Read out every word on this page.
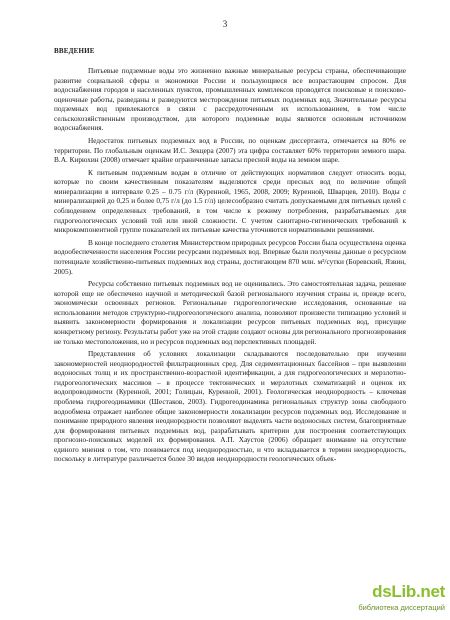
3
ВВЕДЕНИЕ

Питьевые подземные воды это жизненно важные минеральные ресурсы страны, обеспечивающие развитие социальной сферы и экономики России и пользующиеся все возрастающим спросом. Для водоснабжения городов и населенных пунктов, промышленных комплексов проводятся поисковые и поисково-оценочные работы, разведаны и разведуются месторождения питьевых подземных вод. Значительные ресурсы подземных вод привлекаются в связи с рассредоточенным их использованием, в том числе сельскохозяйственным производством, для которого подземные воды являются основным источником водоснабжения.

Недостаток питьевых подземных вод в России, по оценкам диссертанта, отмечается на 80% ее территории. По глобальным оценкам И.С. Зекцера (2007) эта цифра составляет 60% территории земного шара. В.А. Кирюхин (2008) отмечает крайне ограниченные запасы пресной воды на земном шаре.

К питьевым подземным водам в отличие от действующих нормативов следует относить воды, которые по своим качественным показателям выделяются среди пресных вод по величине общей минерализации в интервале 0.25 – 0.75 г/л (Куренной, 1965, 2008, 2009; Куренной, Шварцев, 2010). Воды с минерализацией до 0,25 и более 0,75 г/л (до 1.5 г/л) целесообразно считать допускаемыми для питьевых целей с соблюдением определенных требований, в том числе к режиму потребления, разрабатываемых для гидрогеологических условий той или иной сложности. С учетом санитарно-гигиенических требований к микрокомпонентной группе показателей их питьевые качества уточняются нормативными решениями.

В конце последнего столетия Министерством природных ресурсов России была осуществлена оценка водообеспеченности населения России ресурсами подземных вод. Впервые были получены данные о ресурсном потенциале хозяйственно-питьевых подземных вод страны, достигающем 870 млн. м³/сутки (Боревский, Язвин, 2005).

Ресурсы собственно питьевых подземных вод не оценивались. Это самостоятельная задача, решение которой еще не обеспечено научной и методической базой регионального изучения страны и, прежде всего, экономически освоенных регионов. Региональные гидрогеологические исследования, основанные на использовании методов структурно-гидрогеологического анализа, позволяют произвести типизацию условий и выявить закономерности формирования и локализации ресурсов питьевых подземных вод, присущие конкретному региону. Результаты работ уже на этой стадии создают основы для регионального прогнозирования не только местоположения, но и ресурсов подземных вод перспективных площадей.

Представления об условиях локализации складываются последовательно при изучении закономерностей неоднородностей фильтрационных сред. Для седиментационных бассейнов – при выявлении водоносных толщ и их пространственно-возрастной идентификации, а для гидрогеологических и мерзлотно-гидрогеологических массивов – в процессе тектонических и мерзлотных схематизаций и оценок их водопроводимости (Куренной, 2001; Голицын, Куренной, 2001). Геологическая неоднородность – ключевая проблема гидрогеодинамики (Шестаков, 2003). Гидрогеодинамика региональных структур зоны свободного водообмена отражает наиболее общие закономерности локализации ресурсов подземных вод. Исследование и понимание природного явления неоднородности позволяют выделять части водоносных систем, благоприятные для формирования питьевых подземных вод, разрабатывать критерии для построения соответствующих прогнозно-поисковых моделей их формирования. А.П. Хаустов (2006) обращает внимание на отсутствие единого мнения о том, что понимается под неоднородностью, и что вкладывается в термин неоднородность, поскольку в литературе различается более 30 видов неоднородности геологических объек-

dsLib.net
библиотека диссертаций
